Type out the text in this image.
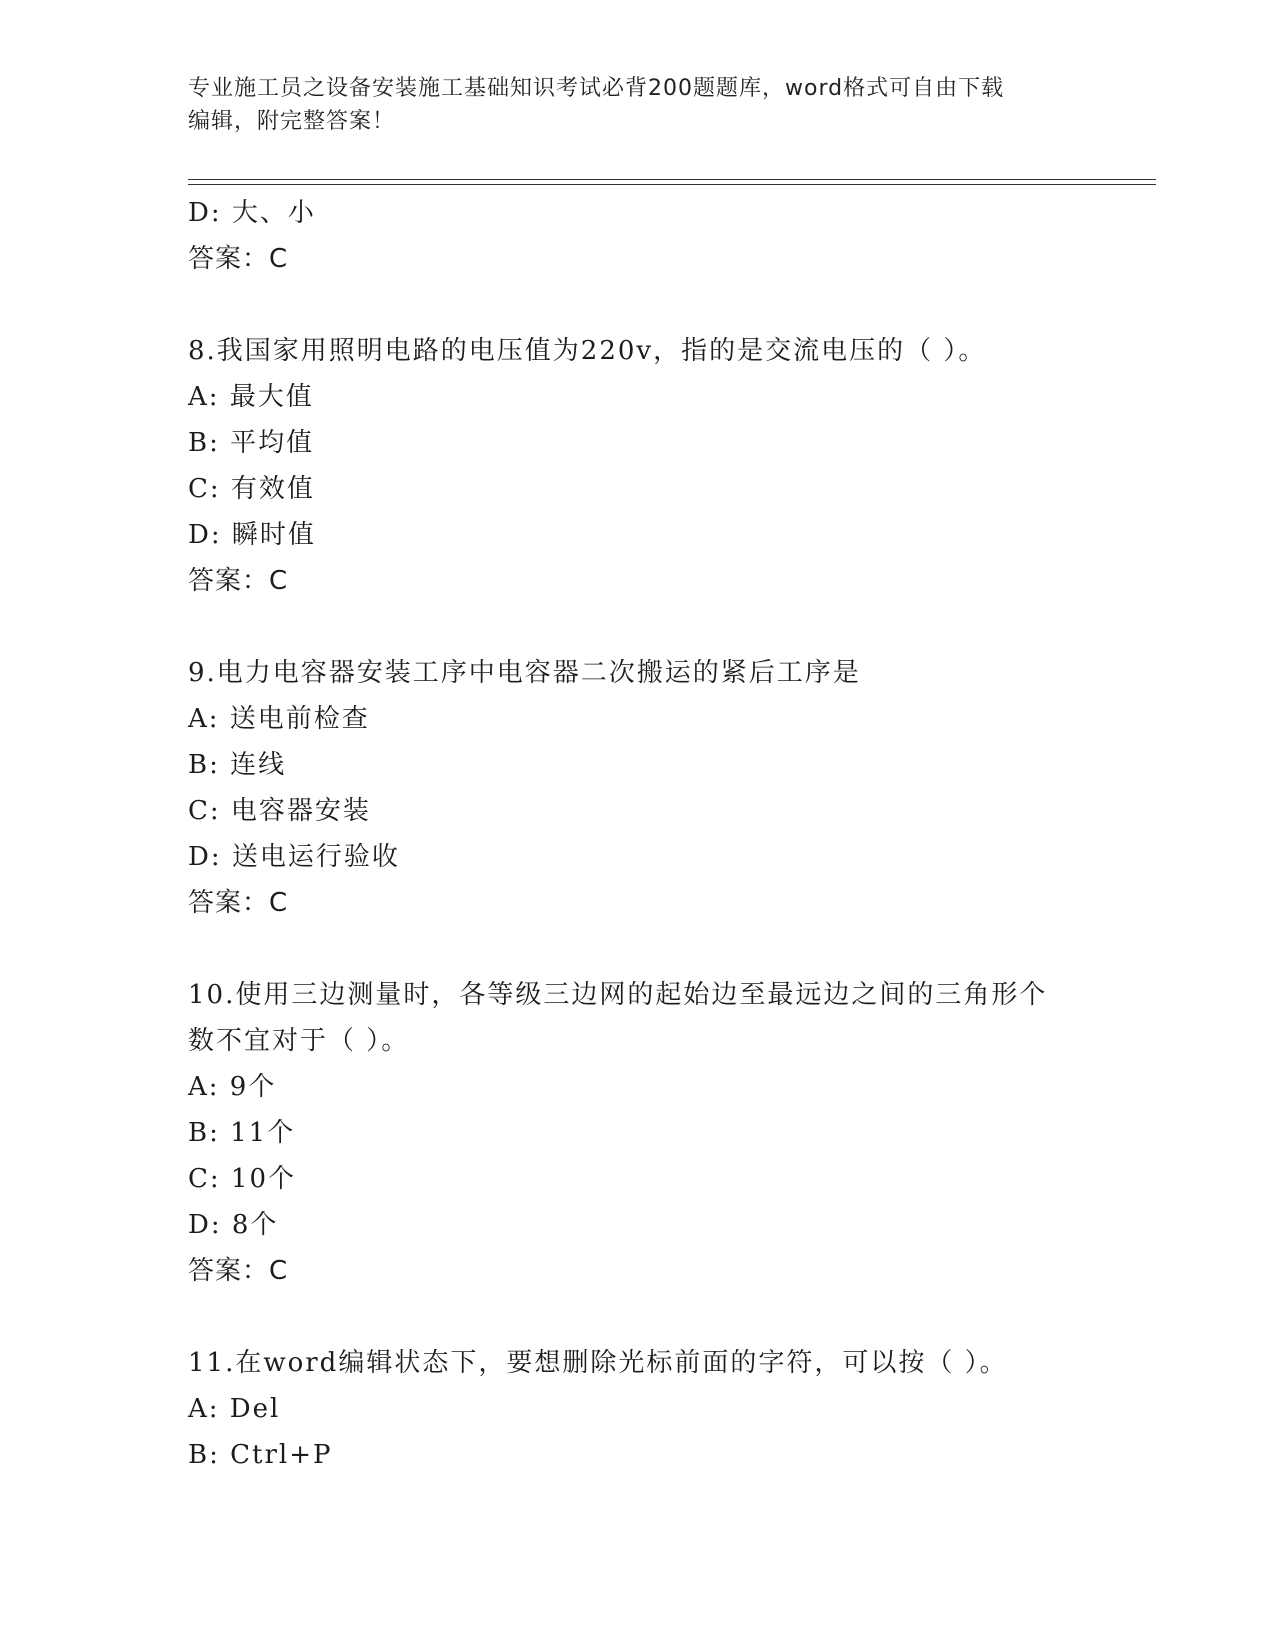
专业施工员之设备安装施工基础知识考试必背200题题库，word格式可自由下载
编辑，附完整答案！
D: 大、小
答案：C
8.我国家用照明电路的电压值为220v，指的是交流电压的（ ）。
A: 最大值
B: 平均值
C: 有效值
D: 瞬时值
答案：C
9.电力电容器安装工序中电容器二次搬运的紧后工序是
A: 送电前检查
B: 连线
C: 电容器安装
D: 送电运行验收
答案：C
10.使用三边测量时，各等级三边网的起始边至最远边之间的三角形个
数不宜对于（ ）。
A: 9个
B: 11个
C: 10个
D: 8个
答案：C
11.在word编辑状态下，要想删除光标前面的字符，可以按（ ）。
A: Del
B: Ctrl+P
